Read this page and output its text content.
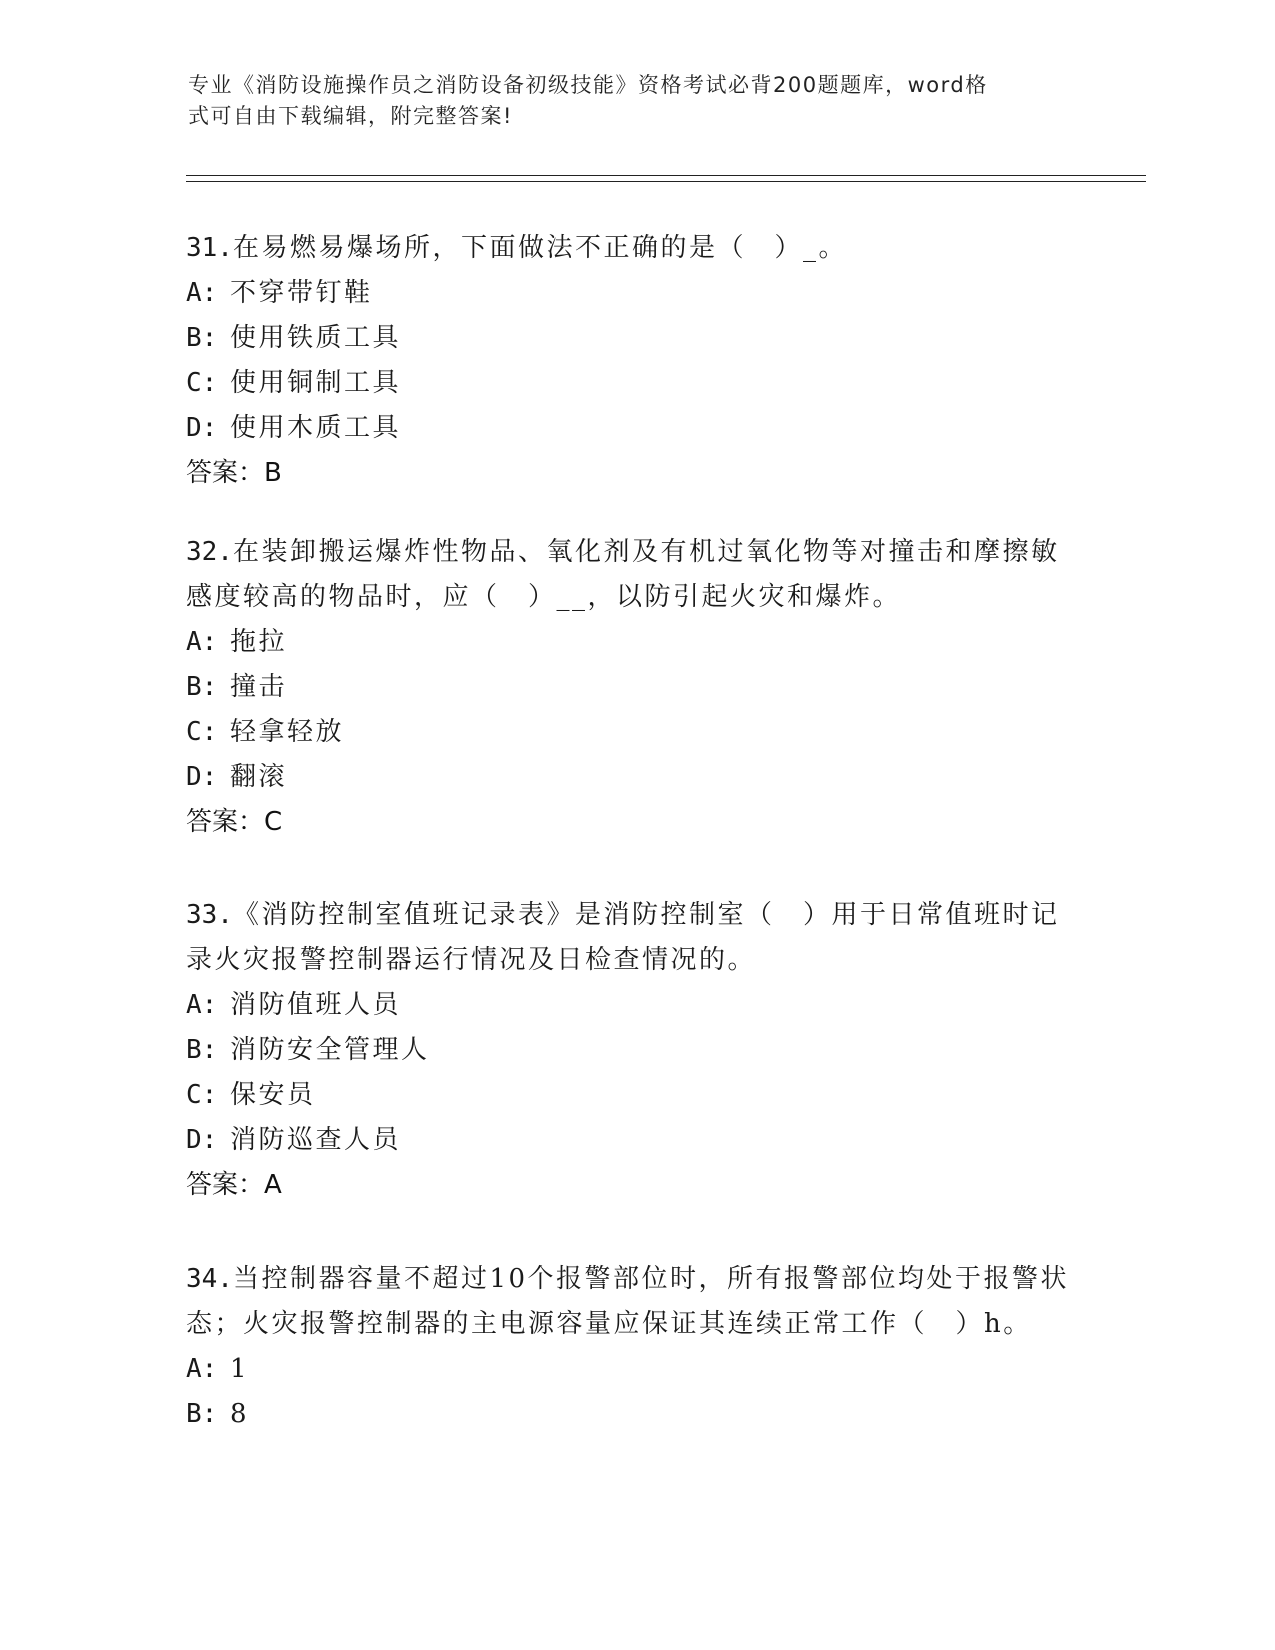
专业《消防设施操作员之消防设备初级技能》资格考试必背200题题库，word格
式可自由下载编辑，附完整答案!
31.在易燃易爆场所，下面做法不正确的是（　）_。
A: 不穿带钉鞋
B: 使用铁质工具
C: 使用铜制工具
D: 使用木质工具
答案：B
32.在装卸搬运爆炸性物品、氧化剂及有机过氧化物等对撞击和摩擦敏感度较高的物品时，应（　）__，以防引起火灾和爆炸。
A: 拖拉
B: 撞击
C: 轻拿轻放
D: 翻滚
答案：C
33.《消防控制室值班记录表》是消防控制室（　）用于日常值班时记录火灾报警控制器运行情况及日检查情况的。
A: 消防值班人员
B: 消防安全管理人
C: 保安员
D: 消防巡查人员
答案：A
34.当控制器容量不超过10个报警部位时，所有报警部位均处于报警状态；火灾报警控制器的主电源容量应保证其连续正常工作（　）h。
A: 1
B: 8
